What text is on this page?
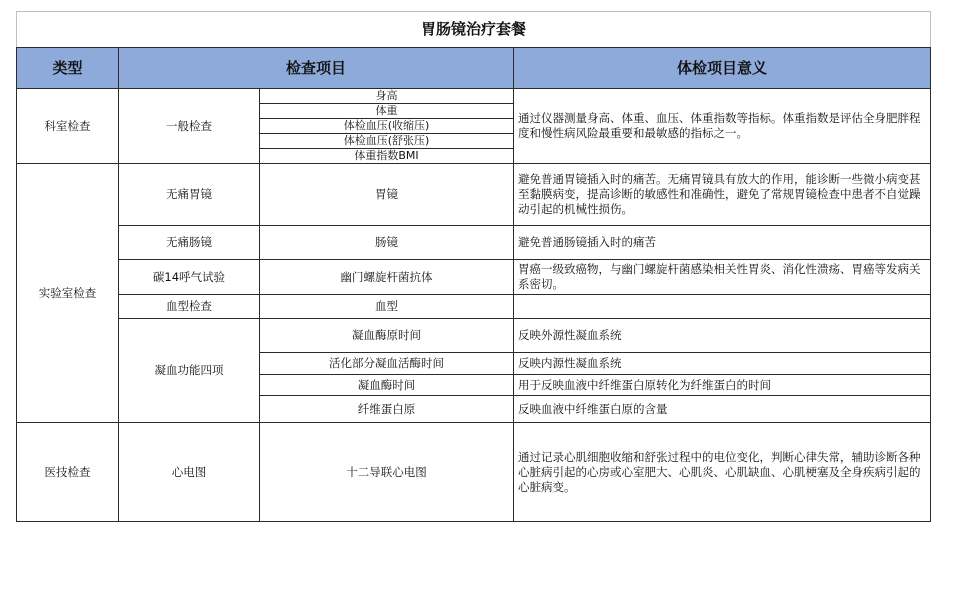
胃肠镜治疗套餐			
类型	检查项目		体检项目意义
科室检查	一般检查	身高	通过仪器测量身高、体重、血压、体重指数等指标。体重指数是评估全身肥胖程度和慢性病风险最重要和最敏感的指标之一。
		体重	
		体检血压(收缩压)	
		体检血压(舒张压)	
		体重指数BMI	
实验室检查	无痛胃镜	胃镜	避免普通胃镜插入时的痛苦。无痛胃镜具有放大的作用，能诊断一些微小病变甚至黏膜病变，提高诊断的敏感性和准确性，避免了常规胃镜检查中患者不自觉躁动引起的机械性损伤。
	无痛肠镜	肠镜	避免普通肠镜插入时的痛苦
	碳14呼气试验	幽门螺旋杆菌抗体	胃癌一级致癌物，与幽门螺旋杆菌感染相关性胃炎、消化性溃疡、胃癌等发病关系密切。
	血型检查	血型	
	凝血功能四项	凝血酶原时间	反映外源性凝血系统
		活化部分凝血活酶时间	反映内源性凝血系统
		凝血酶时间	用于反映血液中纤维蛋白原转化为纤维蛋白的时间
		纤维蛋白原	反映血液中纤维蛋白原的含量
医技检查	心电图	十二导联心电图	通过记录心肌细胞收缩和舒张过程中的电位变化，判断心律失常，辅助诊断各种心脏病引起的心房或心室肥大、心肌炎、心肌缺血、心肌梗塞及全身疾病引起的心脏病变。
